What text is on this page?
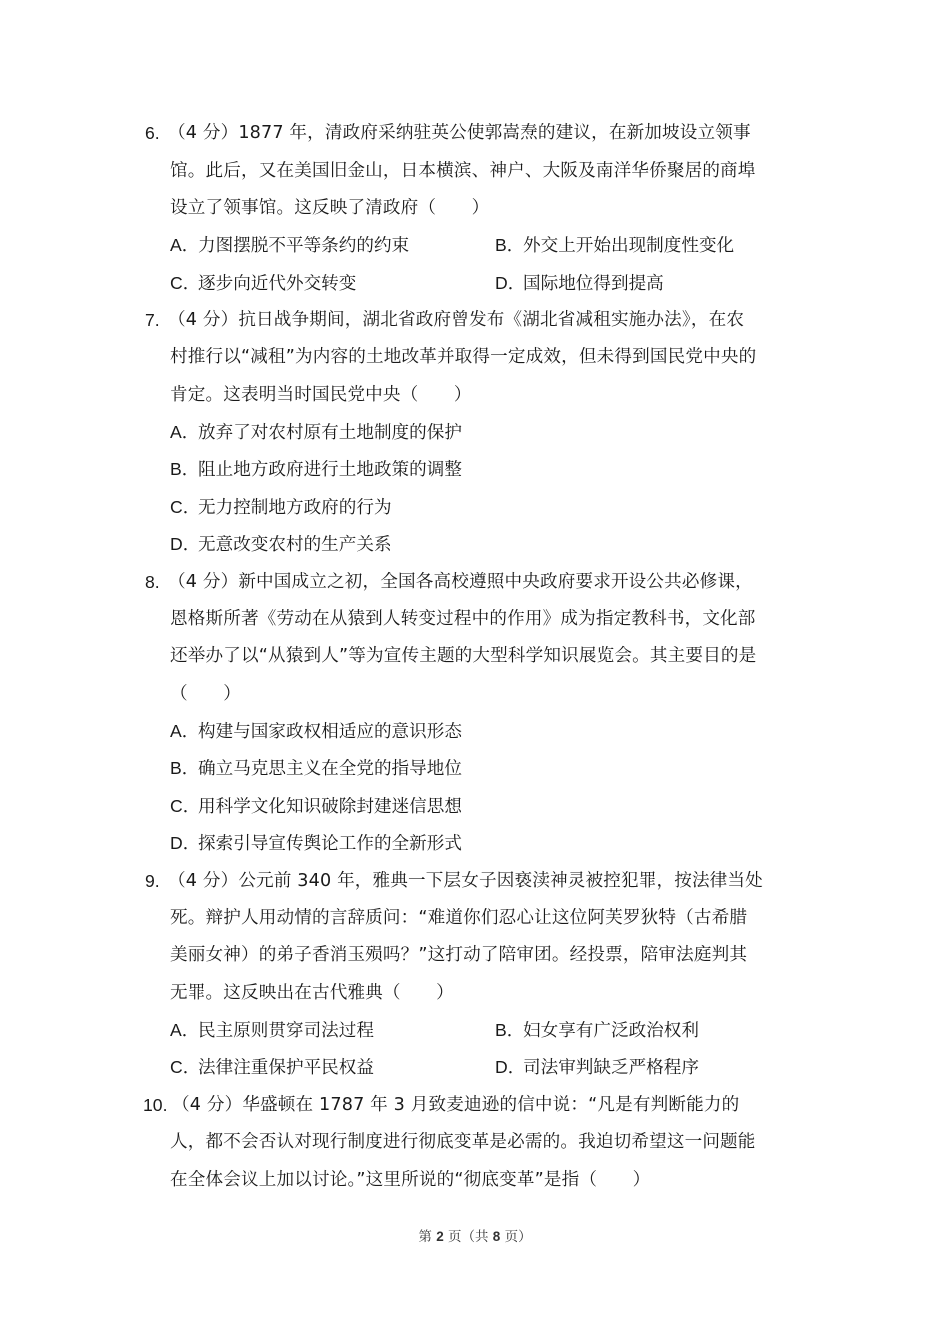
6. （4 分）1877 年，清政府采纳驻英公使郭嵩焘的建议，在新加坡设立领事
馆。此后，又在美国旧金山，日本横滨、神户、大阪及南洋华侨聚居的商埠
设立了领事馆。这反映了清政府（　　）
A．力图摆脱不平等条约的约束	B．外交上开始出现制度性变化
C．逐步向近代外交转变	D．国际地位得到提高
7. （4 分）抗日战争期间，湖北省政府曾发布《湖北省减租实施办法》，在农
村推行以“减租”为内容的土地改革并取得一定成效，但未得到国民党中央的
肯定。这表明当时国民党中央（　　）
A．放弃了对农村原有土地制度的保护
B．阻止地方政府进行土地政策的调整
C．无力控制地方政府的行为
D．无意改变农村的生产关系
8. （4 分）新中国成立之初，全国各高校遵照中央政府要求开设公共必修课，
恩格斯所著《劳动在从猿到人转变过程中的作用》成为指定教科书，文化部
还举办了以“从猿到人”等为宣传主题的大型科学知识展览会。其主要目的是
（　　）
A．构建与国家政权相适应的意识形态
B．确立马克思主义在全党的指导地位
C．用科学文化知识破除封建迷信思想
D．探索引导宣传舆论工作的全新形式
9. （4 分）公元前 340 年，雅典一下层女子因亵渎神灵被控犯罪，按法律当处
死。辩护人用动情的言辞质问：“难道你们忍心让这位阿芙罗狄特（古希腊
美丽女神）的弟子香消玉殒吗？”这打动了陪审团。经投票，陪审法庭判其
无罪。这反映出在古代雅典（　　）
A．民主原则贯穿司法过程	B．妇女享有广泛政治权利
C．法律注重保护平民权益	D．司法审判缺乏严格程序
10. （4 分）华盛顿在 1787 年 3 月致麦迪逊的信中说：“凡是有判断能力的
人，都不会否认对现行制度进行彻底变革是必需的。我迫切希望这一问题能
在全体会议上加以讨论。”这里所说的“彻底变革”是指（　　）
第 2 页（共 8 页）
